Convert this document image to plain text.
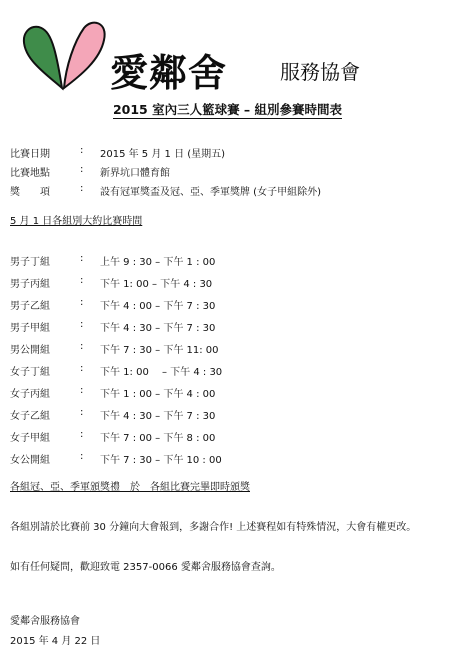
愛鄰舍	服務協會
2015 室內三人籃球賽 – 組別參賽時間表
比賽日期	: 2015 年 5 月 1 日 (星期五)
比賽地點	: 新界坑口體育館
獎　　項	: 設有冠軍獎盃及冠、亞、季軍獎牌 (女子甲組除外)
5 月 1 日各組別大約比賽時間
男子丁組	: 上午 9 : 30 – 下午 1 : 00
男子丙組	: 下午 1: 00 – 下午 4 : 30
男子乙組	: 下午 4 : 00 – 下午 7 : 30
男子甲組	: 下午 4 : 30 – 下午 7 : 30
男公開組	: 下午 7 : 30 – 下午 11: 00
女子丁組	: 下午 1: 00 　– 下午 4 : 30
女子丙組	: 下午 1 : 00 – 下午 4 : 00
女子乙組	: 下午 4 : 30 – 下午 7 : 30
女子甲組	: 下午 7 : 00 – 下午 8 : 00
女公開組	: 下午 7 : 30 – 下午 10 : 00
各組冠、亞、季軍頒獎禮　於　各組比賽完畢即時頒獎
各組別請於比賽前 30 分鐘向大會報到，多謝合作! 上述賽程如有特殊情況，大會有權更改。
如有任何疑問，歡迎致電 2357-0066 愛鄰舍服務協會查詢。
愛鄰舍服務協會
2015 年 4 月 22 日
